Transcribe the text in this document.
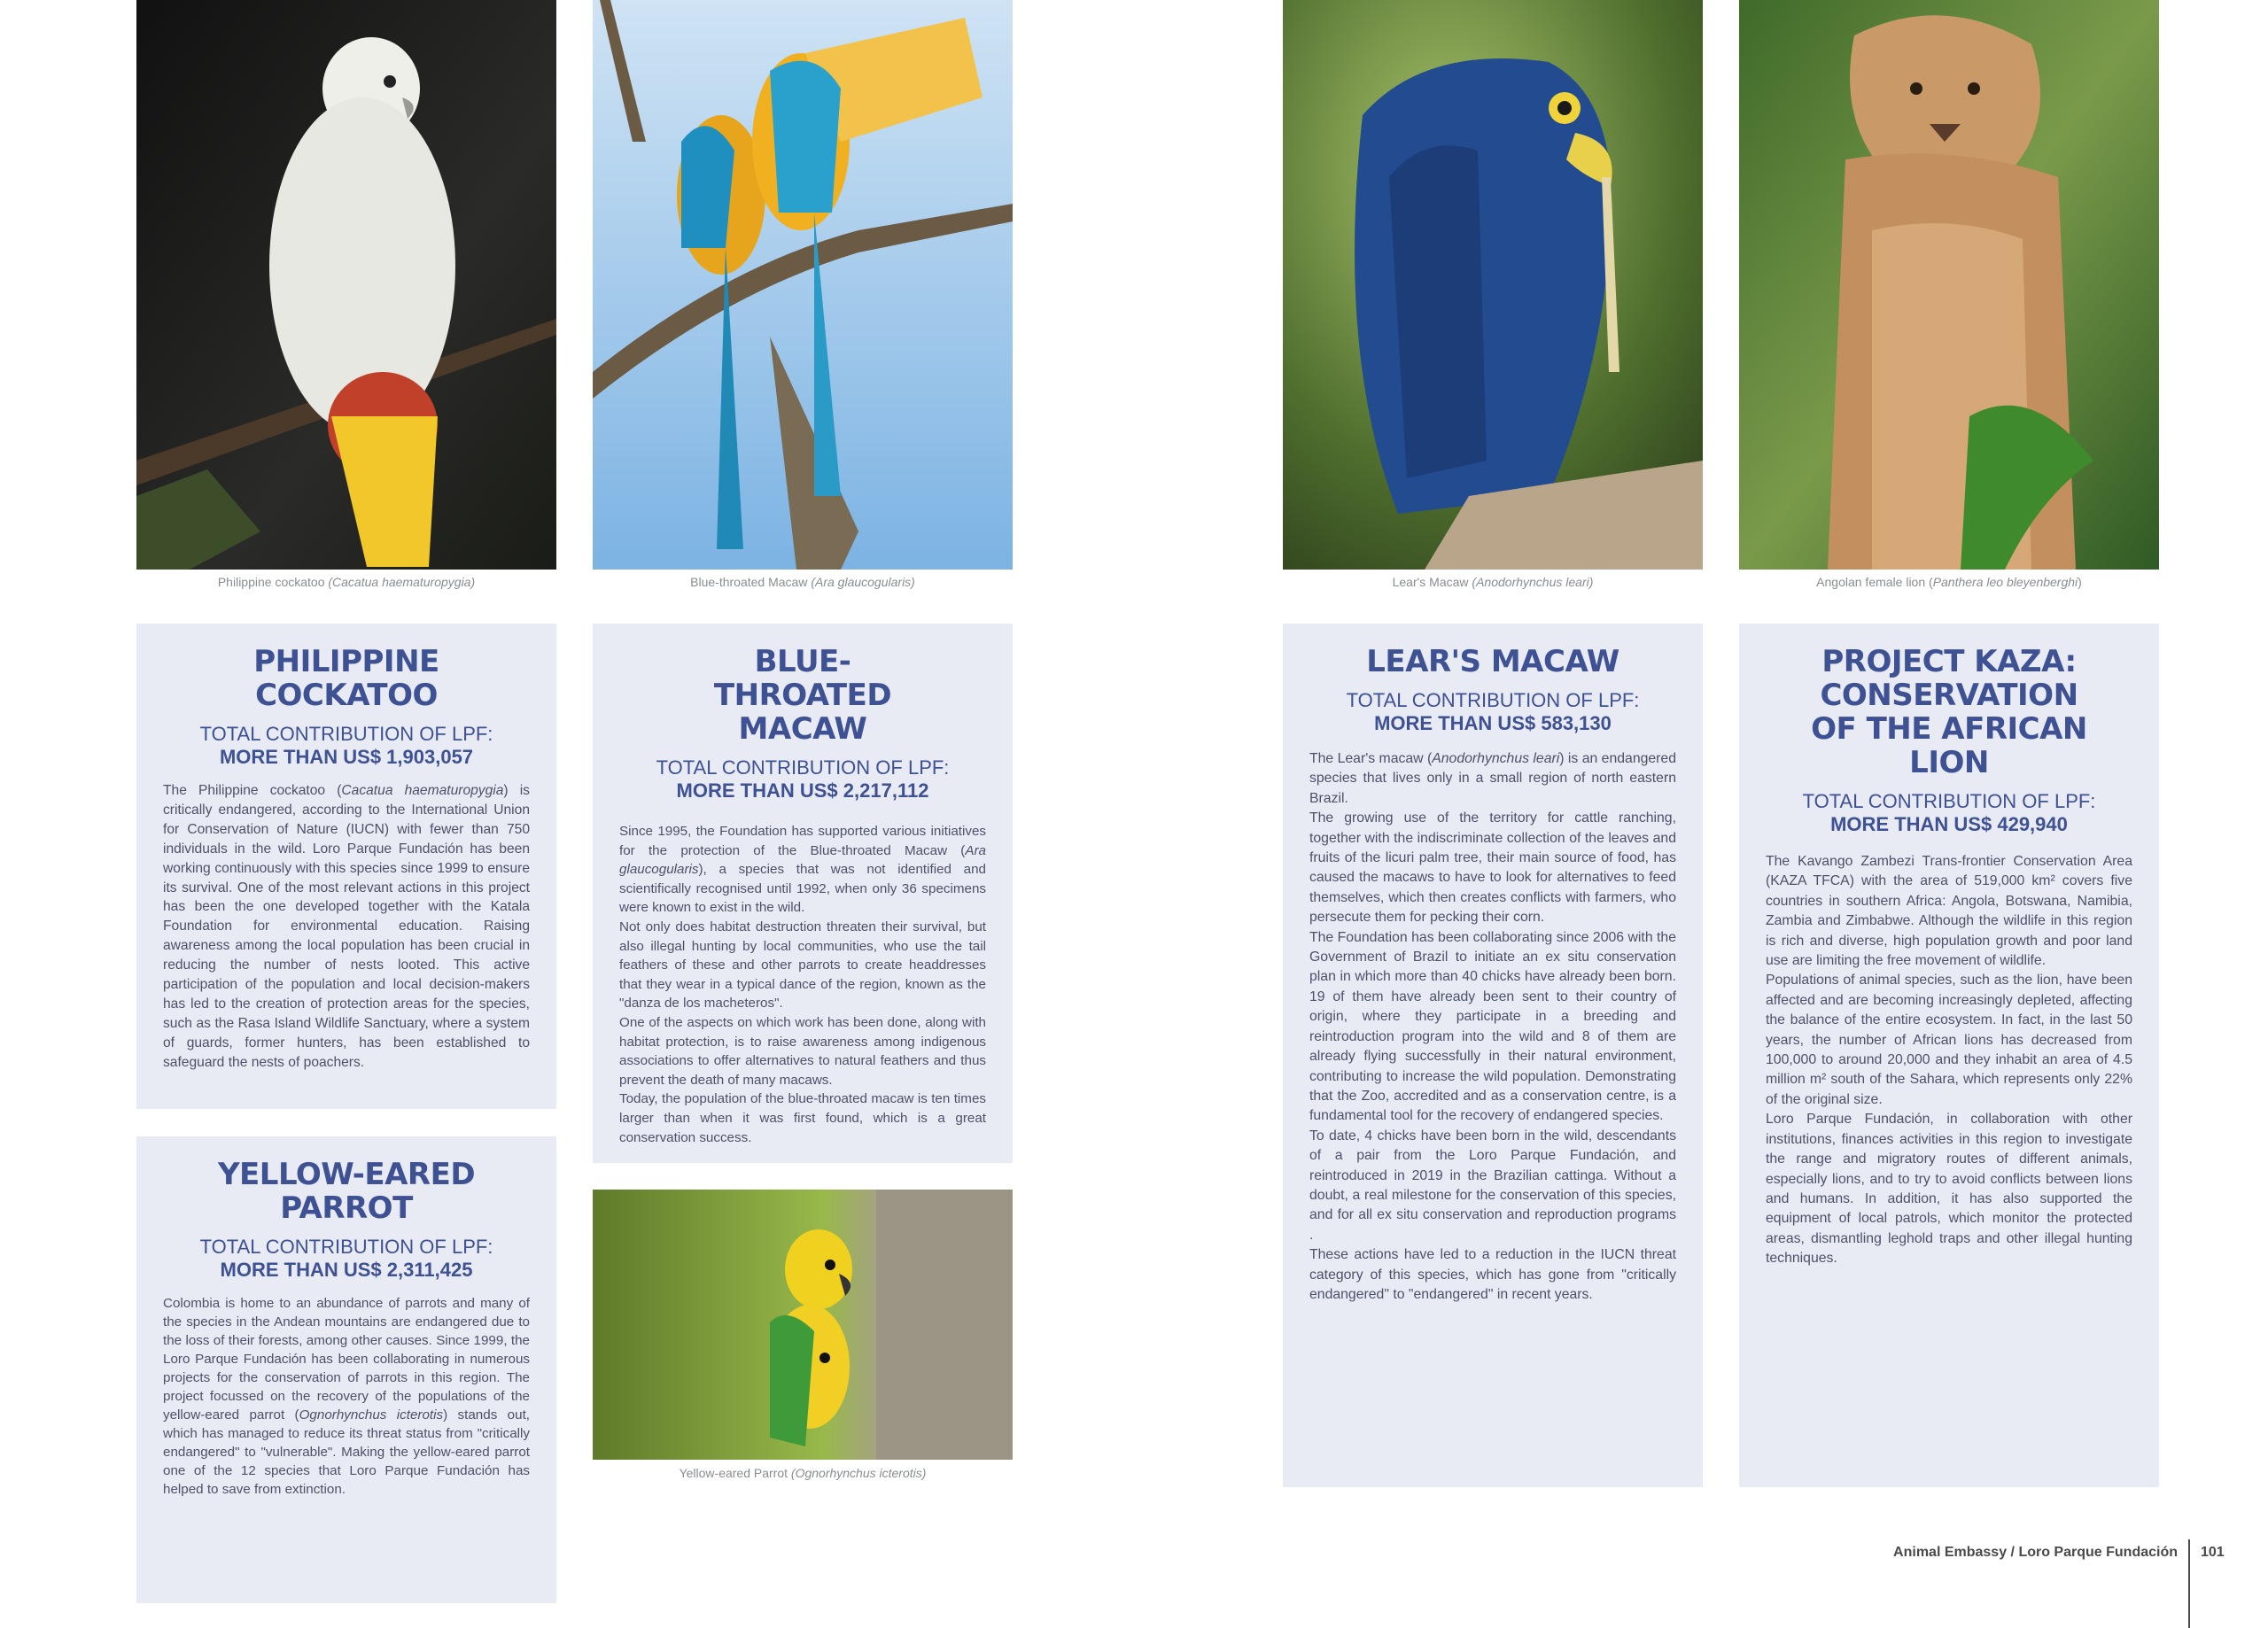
Philippine cockatoo (Cacatua haematuropygia)	Blue-throated Macaw (Ara glaucogularis)	Lear's Macaw (Anodorhynchus leari)	Angolan female lion (Panthera leo bleyenberghi)
Yellow-eared Parrot (Ognorhynchus icterotis)
PHILIPPINE COCKATOO
TOTAL CONTRIBUTION OF LPF:
MORE THAN US$ 1,903,057

The Philippine cockatoo (Cacatua haematuropygia) is critically endangered, according to the International Union for Conservation of Nature (IUCN) with fewer than 750 individuals in the wild. Loro Parque Fundación has been working continuously with this species since 1999 to ensure its survival. One of the most relevant actions in this project has been the one developed together with the Katala Foundation for environmental education. Raising awareness among the local population has been crucial in reducing the number of nests looted. This active participation of the population and local decision-makers has led to the creation of protection areas for the species, such as the Rasa Island Wildlife Sanctuary, where a system of guards, former hunters, has been established to safeguard the nests of poachers.

YELLOW-EARED PARROT
TOTAL CONTRIBUTION OF LPF:
MORE THAN US$ 2,311,425

Colombia is home to an abundance of parrots and many of the species in the Andean mountains are endangered due to the loss of their forests, among other causes. Since 1999, the Loro Parque Fundación has been collaborating in numerous projects for the conservation of parrots in this region. The project focussed on the recovery of the populations of the yellow-eared parrot (Ognorhynchus icterotis) stands out, which has managed to reduce its threat status from "critically endangered" to "vulnerable". Making the yellow-eared parrot one of the 12 species that Loro Parque Fundación has helped to save from extinction.

BLUE-THROATED MACAW
TOTAL CONTRIBUTION OF LPF:
MORE THAN US$ 2,217,112

Since 1995, the Foundation has supported various initiatives for the protection of the Blue-throated Macaw (Ara glaucogularis), a species that was not identified and scientifically recognised until 1992, when only 36 specimens were known to exist in the wild.

Not only does habitat destruction threaten their survival, but also illegal hunting by local communities, who use the tail feathers of these and other parrots to create headdresses that they wear in a typical dance of the region, known as the "danza de los macheteros".

One of the aspects on which work has been done, along with habitat protection, is to raise awareness among indigenous associations to offer alternatives to natural feathers and thus prevent the death of many macaws.

Today, the population of the blue-throated macaw is ten times larger than when it was first found, which is a great conservation success.

LEAR'S MACAW
TOTAL CONTRIBUTION OF LPF:
MORE THAN US$ 583,130

The Lear's macaw (Anodorhynchus leari) is an endangered species that lives only in a small region of north eastern Brazil.

The growing use of the territory for cattle ranching, together with the indiscriminate collection of the leaves and fruits of the licuri palm tree, their main source of food, has caused the macaws to have to look for alternatives to feed themselves, which then creates conflicts with farmers, who persecute them for pecking their corn.

The Foundation has been collaborating since 2006 with the Government of Brazil to initiate an ex situ conservation plan in which more than 40 chicks have already been born. 19 of them have already been sent to their country of origin, where they participate in a breeding and reintroduction program into the wild and 8 of them are already flying successfully in their natural environment, contributing to increase the wild population. Demonstrating that the Zoo, accredited and as a conservation centre, is a fundamental tool for the recovery of endangered species.

To date, 4 chicks have been born in the wild, descendants of a pair from the Loro Parque Fundación, and reintroduced in 2019 in the Brazilian cattinga. Without a doubt, a real milestone for the conservation of this species, and for all ex situ conservation and reproduction programs .

These actions have led to a reduction in the IUCN threat category of this species, which has gone from "critically endangered" to "endangered" in recent years.

PROJECT KAZA: CONSERVATION OF THE AFRICAN LION
TOTAL CONTRIBUTION OF LPF:
MORE THAN US$ 429,940

The Kavango Zambezi Trans-frontier Conservation Area (KAZA TFCA) with the area of 519,000 km² covers five countries in southern Africa: Angola, Botswana, Namibia, Zambia and Zimbabwe. Although the wildlife in this region is rich and diverse, high population growth and poor land use are limiting the free movement of wildlife.

Populations of animal species, such as the lion, have been affected and are becoming increasingly depleted, affecting the balance of the entire ecosystem. In fact, in the last 50 years, the number of African lions has decreased from 100,000 to around 20,000 and they inhabit an area of 4.5 million m² south of the Sahara, which represents only 22% of the original size.

Loro Parque Fundación, in collaboration with other institutions, finances activities in this region to investigate the range and migratory routes of different animals, especially lions, and to try to avoid conflicts between lions and humans. In addition, it has also supported the equipment of local patrols, which monitor the protected areas, dismantling leghold traps and other illegal hunting techniques.

Animal Embassy / Loro Parque Fundación 101
